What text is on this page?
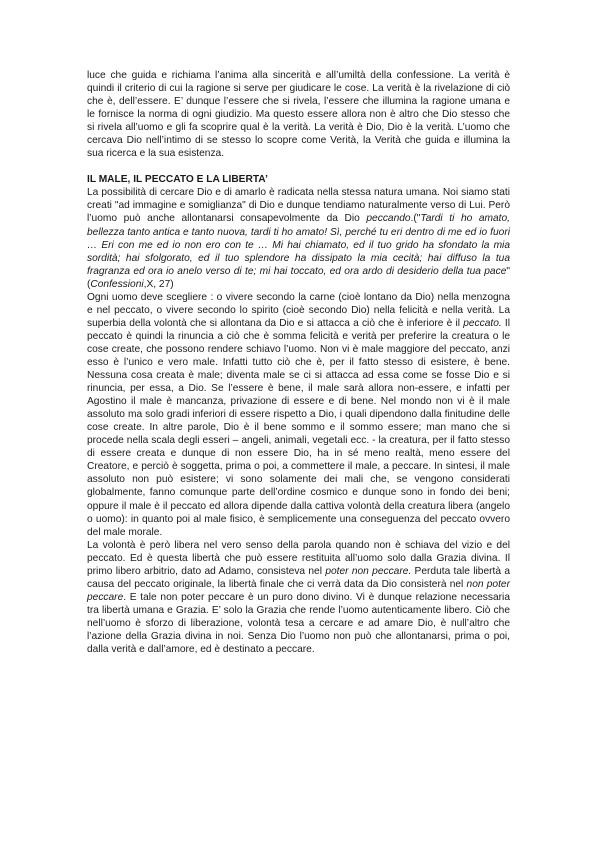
luce che guida e richiama l’anima alla sincerità e all’umiltà della confessione. La verità è quindi il criterio di cui la ragione si serve per giudicare le cose. La verità è la rivelazione di ciò che è, dell’essere. E’ dunque l’essere che si rivela, l’essere che illumina la ragione umana e le fornisce la norma di ogni giudizio. Ma questo essere allora non è altro che Dio stesso che si rivela all’uomo e gli fa scoprire qual è la verità. La verità è Dio, Dio è la verità. L’uomo che cercava Dio nell’intimo di se stesso lo scopre come Verità, la Verità che guida e illumina la sua ricerca e la sua esistenza.

IL MALE, IL PECCATO E LA LIBERTA’

La possibilità di cercare Dio e di amarlo è radicata nella stessa natura umana. Noi siamo stati creati "ad immagine e somiglianza" di Dio e dunque tendiamo naturalmente verso di Lui. Però l’uomo può anche allontanarsi consapevolmente da Dio peccando.("Tardi ti ho amato, bellezza tanto antica e tanto nuova, tardi ti ho amato! Sì, perché tu eri dentro di me ed io fuori … Eri con me ed io non ero con te … Mi hai chiamato, ed il tuo grido ha sfondato la mia sordità; hai sfolgorato, ed il tuo splendore ha dissipato la mia cecità; hai diffuso la tua fragranza ed ora io anelo verso di te; mi hai toccato, ed ora ardo di desiderio della tua pace"(Confessioni,X, 27)

Ogni uomo deve scegliere : o vivere secondo la carne (cioè lontano da Dio) nella menzogna e nel peccato, o vivere secondo lo spirito (cioè secondo Dio) nella felicità e nella verità. La superbia della volontà che si allontana da Dio e si attacca a ciò che è inferiore è il peccato. Il peccato è quindi la rinuncia a ciò che è somma felicità e verità per preferire la creatura o le cose create, che possono rendere schiavo l’uomo. Non vi è male maggiore del peccato, anzi esso è l’unico e vero male. Infatti tutto ciò che è, per il fatto stesso di esistere, è bene. Nessuna cosa creata è male; diventa male se ci si attacca ad essa come se fosse Dio e si rinuncia, per essa, a Dio. Se l’essere è bene, il male sarà allora non-essere, e infatti per Agostino il male è mancanza, privazione di essere e di bene. Nel mondo non vi è il male assoluto ma solo gradi inferiori di essere rispetto a Dio, i quali dipendono dalla finitudine delle cose create. In altre parole, Dio è il bene sommo e il sommo essere; man mano che si procede nella scala degli esseri – angeli, animali, vegetali ecc. - la creatura, per il fatto stesso di essere creata e dunque di non essere Dio, ha in sé meno realtà, meno essere del Creatore, e perciò è soggetta, prima o poi, a commettere il male, a peccare. In sintesi, il male assoluto non può esistere; vi sono solamente dei mali che, se vengono considerati globalmente, fanno comunque parte dell’ordine cosmico e dunque sono in fondo dei beni; oppure il male è il peccato ed allora dipende dalla cattiva volontà della creatura libera (angelo o uomo): in quanto poi al male fisico, è semplicemente una conseguenza del peccato ovvero del male morale.

La volontà è però libera nel vero senso della parola quando non è schiava del vizio e del peccato. Ed è questa libertà che può essere restituita all’uomo solo dalla Grazia divina. Il primo libero arbitrio, dato ad Adamo, consisteva nel poter non peccare. Perduta tale libertà a causa del peccato originale, la libertà finale che ci verrà data da Dio consisterà nel non poter peccare. E tale non poter peccare è un puro dono divino. Vi è dunque relazione necessaria tra libertà umana e Grazia. E’ solo la Grazia che rende l’uomo autenticamente libero. Ciò che nell’uomo è sforzo di liberazione, volontà tesa a cercare e ad amare Dio, è null’altro che l’azione della Grazia divina in noi. Senza Dio l’uomo non può che allontanarsi, prima o poi, dalla verità e dall’amore, ed è destinato a peccare.
